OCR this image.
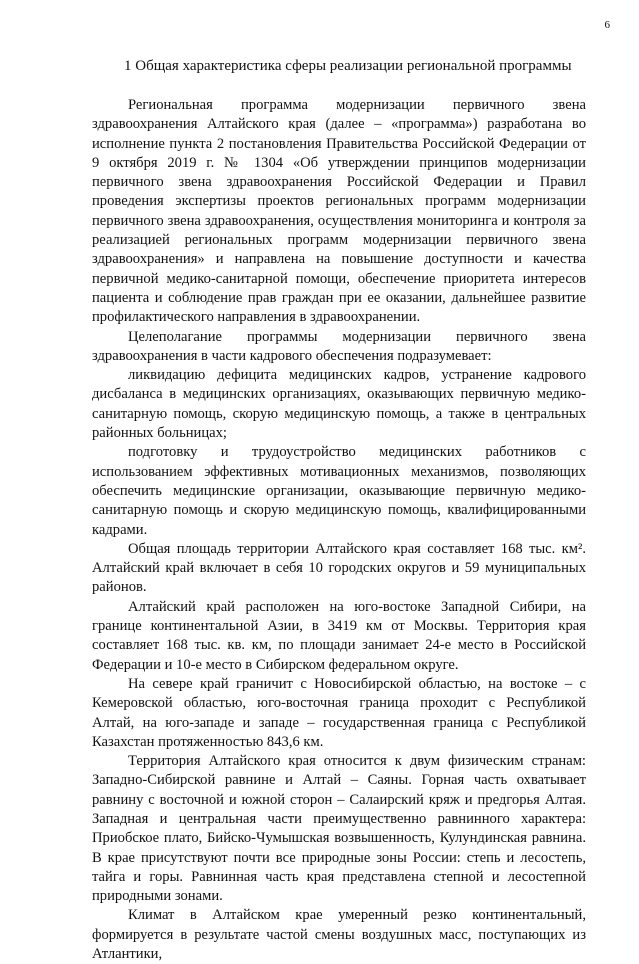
6
1 Общая характеристика сферы реализации региональной программы

Региональная программа модернизации первичного звена здравоохранения Алтайского края (далее – «программа») разработана во исполнение пункта 2 постановления Правительства Российской Федерации от 9 октября 2019 г. № 1304 «Об утверждении принципов модернизации первичного звена здравоохранения Российской Федерации и Правил проведения экспертизы проектов региональных программ модернизации первичного звена здравоохранения, осуществления мониторинга и контроля за реализацией региональных программ модернизации первичного звена здравоохранения» и направлена на повышение доступности и качества первичной медико-санитарной помощи, обеспечение приоритета интересов пациента и соблюдение прав граждан при ее оказании, дальнейшее развитие профилактического направления в здравоохранении.

Целеполагание программы модернизации первичного звена здравоохранения в части кадрового обеспечения подразумевает:

ликвидацию дефицита медицинских кадров, устранение кадрового дисбаланса в медицинских организациях, оказывающих первичную медико-санитарную помощь, скорую медицинскую помощь, а также в центральных районных больницах;

подготовку и трудоустройство медицинских работников с использованием эффективных мотивационных механизмов, позволяющих обеспечить медицинские организации, оказывающие первичную медико-санитарную помощь и скорую медицинскую помощь, квалифицированными кадрами.

Общая площадь территории Алтайского края составляет 168 тыс. км². Алтайский край включает в себя 10 городских округов и 59 муниципальных районов.

Алтайский край расположен на юго-востоке Западной Сибири, на границе континентальной Азии, в 3419 км от Москвы. Территория края составляет 168 тыс. кв. км, по площади занимает 24-е место в Российской Федерации и 10-е место в Сибирском федеральном округе.

На севере край граничит с Новосибирской областью, на востоке – с Кемеровской областью, юго-восточная граница проходит с Республикой Алтай, на юго-западе и западе – государственная граница с Республикой Казахстан протяженностью 843,6 км.

Территория Алтайского края относится к двум физическим странам: Западно-Сибирской равнине и Алтай – Саяны. Горная часть охватывает равнину с восточной и южной сторон – Салаирский кряж и предгорья Алтая. Западная и центральная части преимущественно равнинного характера: Приобское плато, Бийско-Чумышская возвышенность, Кулундинская равнина. В крае присутствуют почти все природные зоны России: степь и лесостепь, тайга и горы. Равнинная часть края представлена степной и лесостепной природными зонами.

Климат в Алтайском крае умеренный резко континентальный, формируется в результате частой смены воздушных масс, поступающих из Атлантики,
